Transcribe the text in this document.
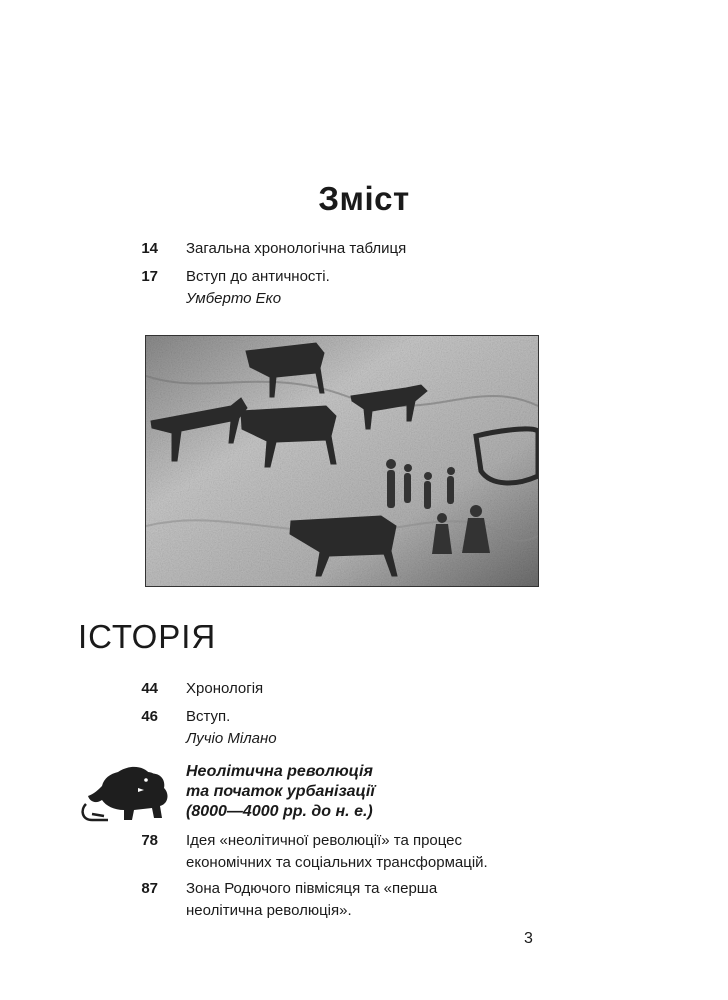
Зміст
14 Загальна хронологічна таблиця
17 Вступ до античності.
Умберто Еко
ІСТОРІЯ
44 Хронологія
46 Вступ.
Лучіо Мілано
Неолітична революція
та початок урбанізації
(8000—4000 рр. до н. е.)
78 Ідея «неолітичної революції» та процес
економічних та соціальних трансформацій.
87 Зона Родючого півмісяця та «перша
неолітична революція».
3
